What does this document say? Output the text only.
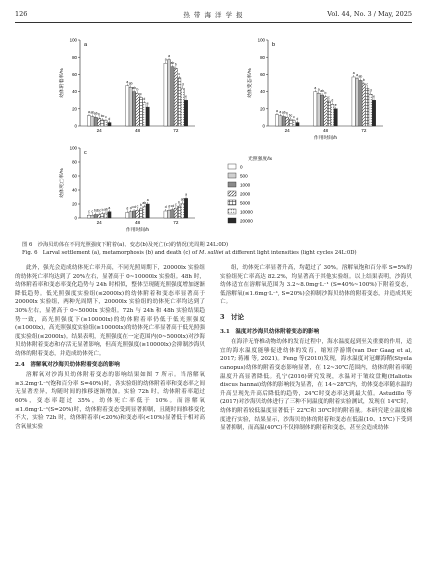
126	热 带 海 洋 学 报	Vol. 44, No. 3 / May, 2025
a
0
20
40
60
80
100
幼体附着率/%
a ab ab b bc c d
24
a ab
ab b
c
d
e
48
a
a
ab b
c
d
e
72
b
0
20
40
60
80
100
幼体变态率/%
a a ab b bc c d
24
a a ab b
c
d
e
48
a a ab
b
c
d
e
72
作用时间/h
c
0
20
40
60
80
100
幼体死亡率/%
c c bc bc b ab a
24
d d cd c b
ab
a
48
d d cd c
b
ab
a
72
作用时间/h
光照强度/lx
0
500
1000
2000
5000
10000
20000
图 6　沙海贝幼体在不同光照强度下附着(a)、变态(b)及死亡(c)的情况(光周期 24L:0D)
Fig. 6　Larval settlement (a), metamorphosis (b) and death (c) of M. salliei at different light intensities (light cycles 24L:0D)

此外，强光会造成幼体死亡率升高，不同光照周期下，20000lx 实验组的幼体死亡率均达到了 20%左右，显著高于 0~10000lx 实验组。48h 时，幼体附着率和变态率变化趋势与 24h 时相似，整体呈现随光照强度增加逐渐降低趋势。低光照强度实验组(≤2000lx)的幼体附着和变态率显著高于 20000lx 实验组，两种光周期下，20000lx 实验组的幼体死亡率均达到了 30%左右，显著高于 0~5000lx 实验组。72h 与 24h 和 48h 实验结果趋势一致，高光照强度下(≥10000lx)的幼体附着率仍低于低光照强度(≤1000lx)，高光照强度实验组(≥10000lx)的幼体死亡率显著高于低光照强度实验组(≤2000lx)。结果表明，光照强度在一定范围内(0~5000lx)对沙海贝幼体附着变态和存活无显著影响，但高光照强度(≥10000lx)会抑制沙海贝幼体的附着变态，并造成幼体死亡。

2.4　溶解氧对沙海贝幼体附着变态的影响

溶解氧对沙海贝幼体附着变态的影响结果如图 7 所示。当溶解氧≥3.2mg·L⁻¹(饱和百分率 S=40%)时，各实验组的幼体附着率和变态率之间无显著差异，均随时间的推移逐渐增加。实验 72h 时，幼体附着率超过 60%，变态率超过 35%，幼体死亡率低于 10%。而溶解氧≤1.6mg·L⁻¹(S=20%)时，幼体附着变态受到显著抑制，且随时间推移变化不大，实验 72h 时，幼体附着率(<20%)和变态率(<10%)显著低于相对高含氧量实验

组，幼体死亡率显著升高，均超过了 30%。溶解氧饱和百分率 S=5%的实验组死亡率高达 82.2%，均显著高于其他实验组。以上结果表明，沙海贝幼体适宜在溶解氧范围为 3.2~8.0mg·L⁻¹ (S=40%~100%)下附着变态，低溶解氧(≤1.6mg·L⁻¹, S=20%)会抑制沙海贝幼体的附着变态，并造成其死亡。

3　讨论
3.1　温度对沙海贝幼体附着变态的影响

在海洋无脊椎动物幼体的发育过程中，海水温度起到至关重要的作用，适宜的海水温度能够促进幼体的发育，缩短浮游期(van Der Gaag et al, 2017; 蒋湘 等, 2021)。Feng 等(2010)发现，海水温度对冠螺海鞘(Styela canopus)幼体的附着变态影响显著，在 12~30℃范围内，幼体的附着率随温度升高显著降低。孔宁(2016)研究发现，水温对于皱纹盘鲍(Haliotis discus hannai)幼体的影响较为显著，在 14~28℃内，幼体变态率随水温的升高呈现先升高后降低的趋势，24℃时变态率达到最大值。Astudillo 等(2017)对沙海贝幼体进行了三种不同温度的附着实验测试，发现在 14℃时，幼体的附着较低温度显著低于 22℃和 30℃时的附着量。本研究建立温度梯度进行实验，结果显示，沙海贝幼体的附着和变态在低温(10、15℃)下受到显著抑制，而高温(40℃)不仅抑制体的附着和变态，甚至会造成幼体
